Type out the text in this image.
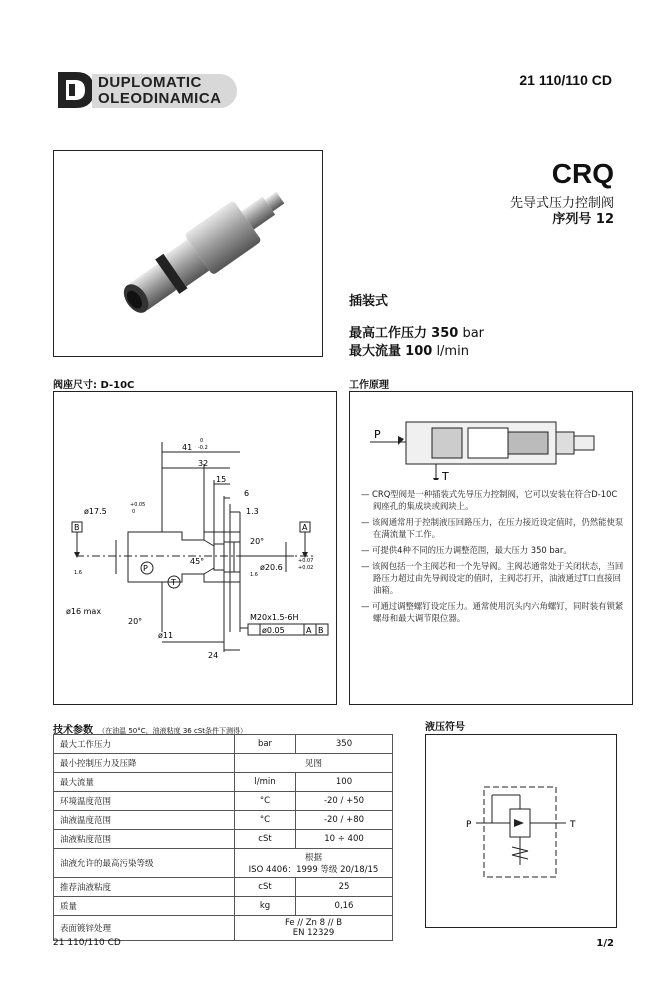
DUPLOMATIC
OLEODINAMICA
21 110/110 CD
CRQ
先导式压力控制阀
序列号 12
插装式
最高工作压力 350 bar
最大流量 100 l/min
阀座尺寸: D-10C
41
0
-0.2
32
15
6
1.3
ø17.5
+0.05
0
20°
45°
ø20.6
+0.07
+0.02
ø16 max
20°	M20x1.5-6H
ø0.05	A B
ø11
24
B	A
P
T
1.6	1.6
工作原理
P
T

— CRQ型阀是一种插装式先导压力控制阀，它可以安装在符合D-10C 阀座孔的集成块或阀块上。

— 该阀通常用于控制液压回路压力，在压力接近设定值时，仍然能使泵在满流量下工作。

— 可提供4种不同的压力调整范围，最大压力 350 bar。

— 该阀包括一个主阀芯和一个先导阀。主阀芯通常处于关闭状态，当回路压力超过由先导阀设定的值时，主阀芯打开，油液通过T口直接回油箱。

— 可通过调整螺钉设定压力。通常使用沉头内六角螺钉，同时装有锁紧螺母和最大调节限位器。

技术参数 （在油温 50°C，油液粘度 36 cSt条件下测得）
最大工作压力	bar	350
最小控制压力及压降	见图	
最大流量	l/min	100
环境温度范围	°C	-20 / +50
油液温度范围	°C	-20 / +80
油液粘度范围	cSt	10 ÷ 400
油液允许的最高污染等级	根据
ISO 4406：1999 等级 20/18/15	

推荐油液粘度	cSt	25
质量	kg	0,16
表面镀锌处理	Fe // Zn 8 // B
EN 12329	
液压符号
P	T
21 110/110 CD	1/2
